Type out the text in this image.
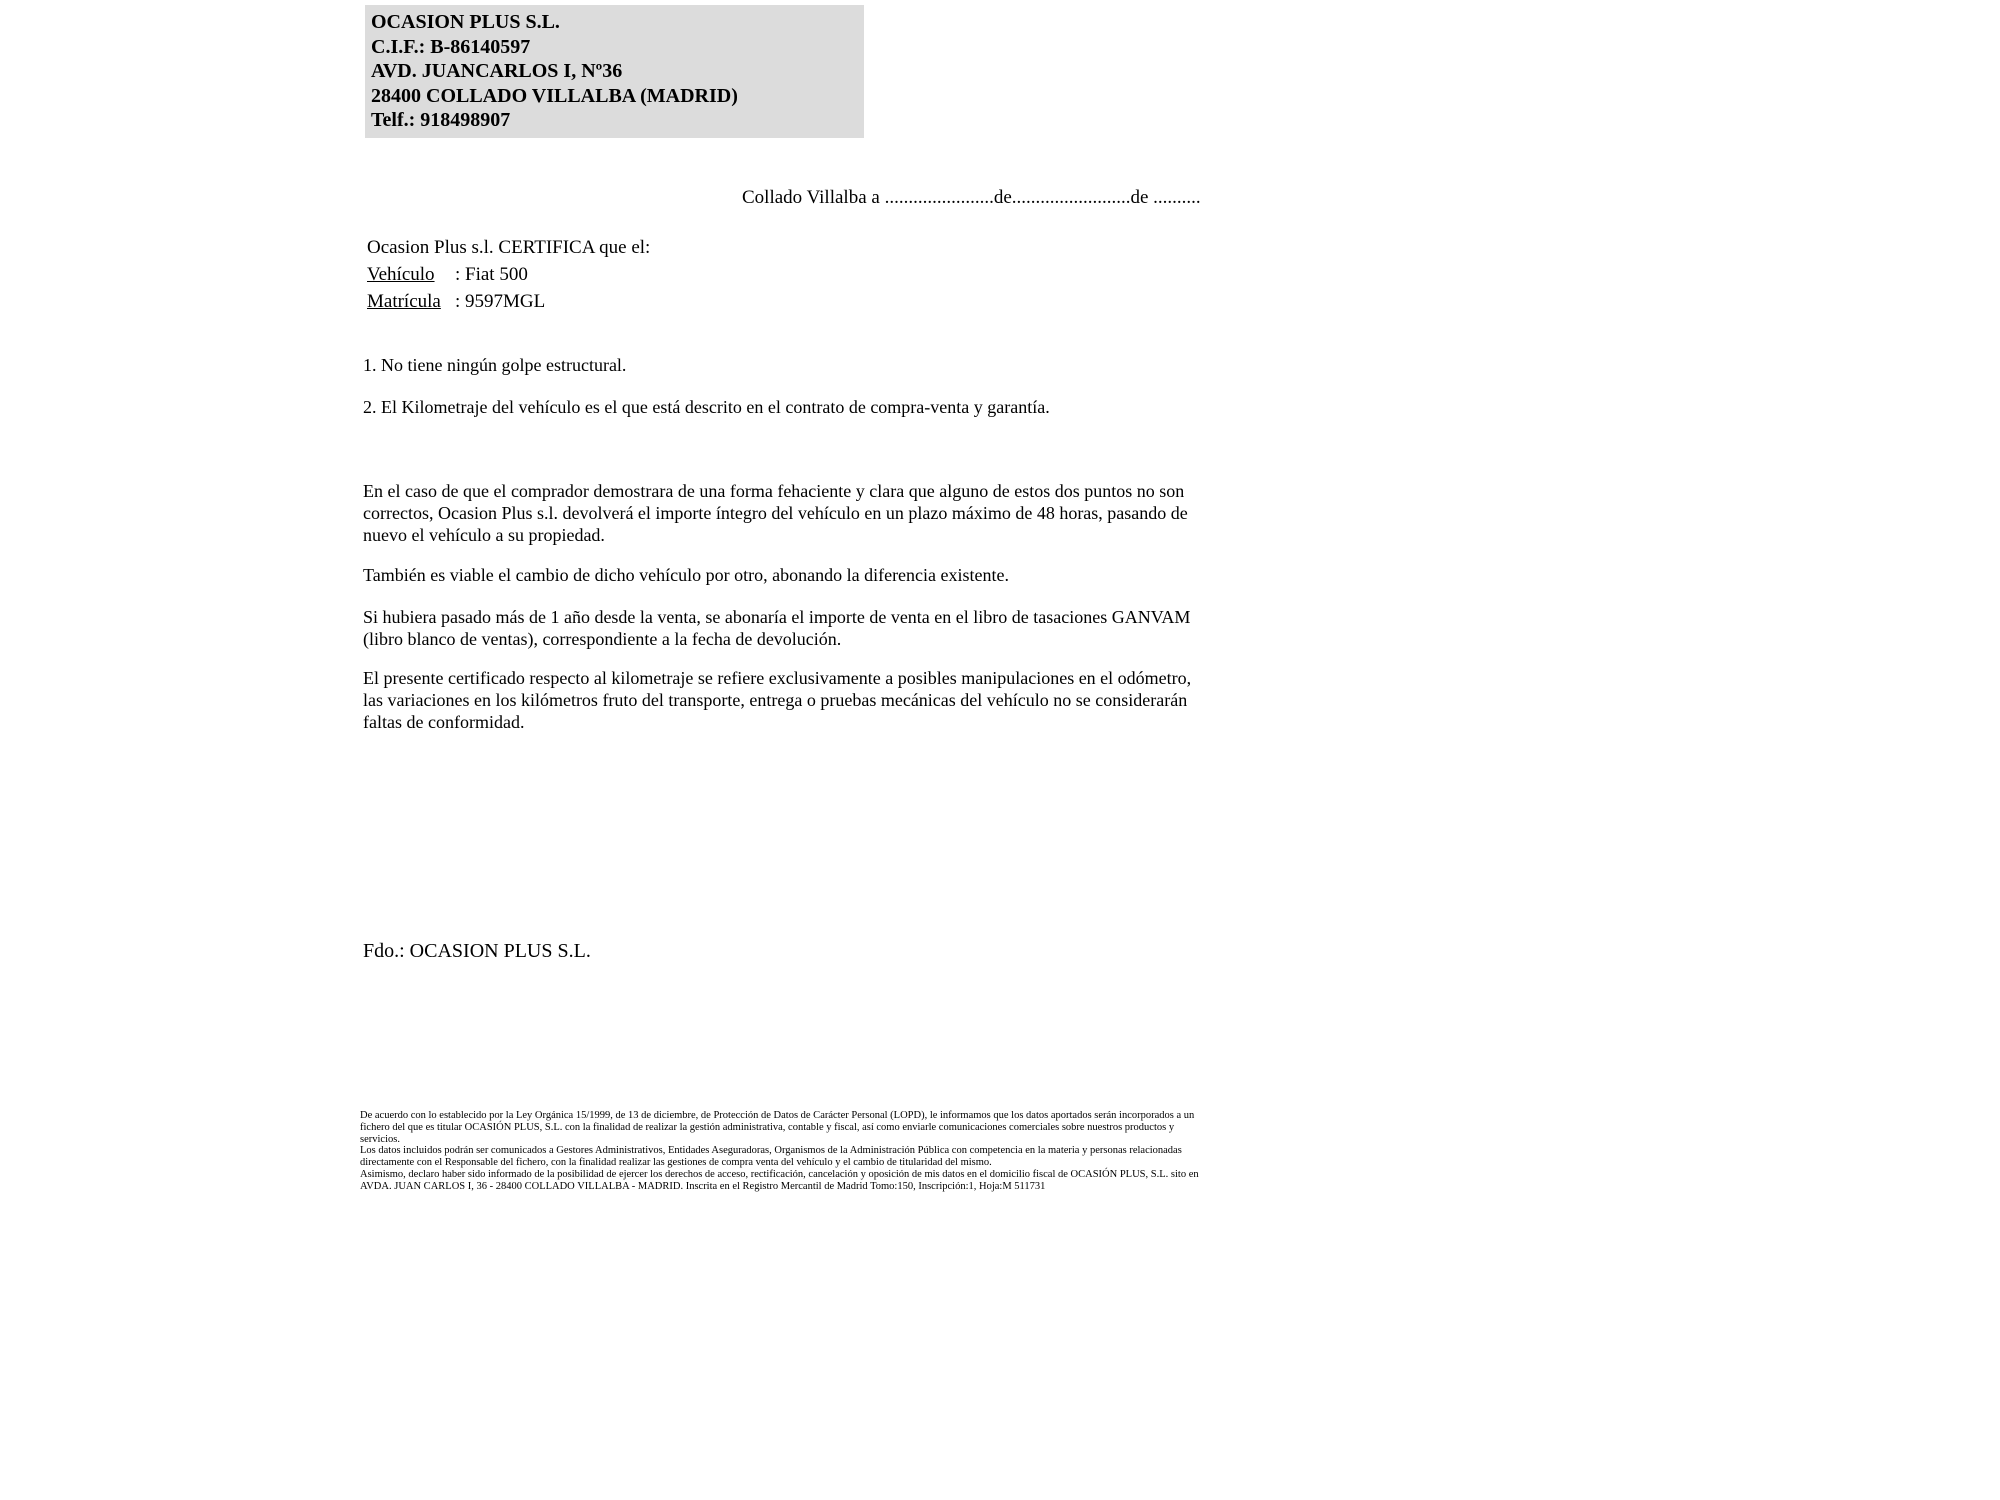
OCASION PLUS S.L.
C.I.F.: B-86140597
AVD. JUANCARLOS I, Nº36
28400 COLLADO VILLALBA (MADRID)
Telf.: 918498907
Collado Villalba a .......................de.........................de ..........
Ocasion Plus s.l. CERTIFICA que el:
Vehículo : Fiat 500
Matrícula : 9597MGL

1. No tiene ningún golpe estructural.

2. El Kilometraje del vehículo es el que está descrito en el contrato de compra-venta y garantía.

En el caso de que el comprador demostrara de una forma fehaciente y clara que alguno de estos dos puntos no son correctos, Ocasion Plus s.l. devolverá el importe íntegro del vehículo en un plazo máximo de 48 horas, pasando de nuevo el vehículo a su propiedad.

También es viable el cambio de dicho vehículo por otro, abonando la diferencia existente.

Si hubiera pasado más de 1 año desde la venta, se abonaría el importe de venta en el libro de tasaciones GANVAM (libro blanco de ventas), correspondiente a la fecha de devolución.

El presente certificado respecto al kilometraje se refiere exclusivamente a posibles manipulaciones en el odómetro, las variaciones en los kilómetros fruto del transporte, entrega o pruebas mecánicas del vehículo no se considerarán faltas de conformidad.

Fdo.: OCASION PLUS S.L.

De acuerdo con lo establecido por la Ley Orgánica 15/1999, de 13 de diciembre, de Protección de Datos de Carácter Personal (LOPD), le informamos que los datos aportados serán incorporados a un fichero del que es titular OCASIÓN PLUS, S.L. con la finalidad de realizar la gestión administrativa, contable y fiscal, así como enviarle comunicaciones comerciales sobre nuestros productos y servicios.

Los datos incluidos podrán ser comunicados a Gestores Administrativos, Entidades Aseguradoras, Organismos de la Administración Pública con competencia en la materia y personas relacionadas directamente con el Responsable del fichero, con la finalidad realizar las gestiones de compra venta del vehículo y el cambio de titularidad del mismo.

Asimismo, declaro haber sido informado de la posibilidad de ejercer los derechos de acceso, rectificación, cancelación y oposición de mis datos en el domicilio fiscal de OCASIÓN PLUS, S.L. sito en AVDA. JUAN CARLOS I, 36 - 28400 COLLADO VILLALBA - MADRID. Inscrita en el Registro Mercantil de Madrid Tomo:150, Inscripción:1, Hoja:M 511731
